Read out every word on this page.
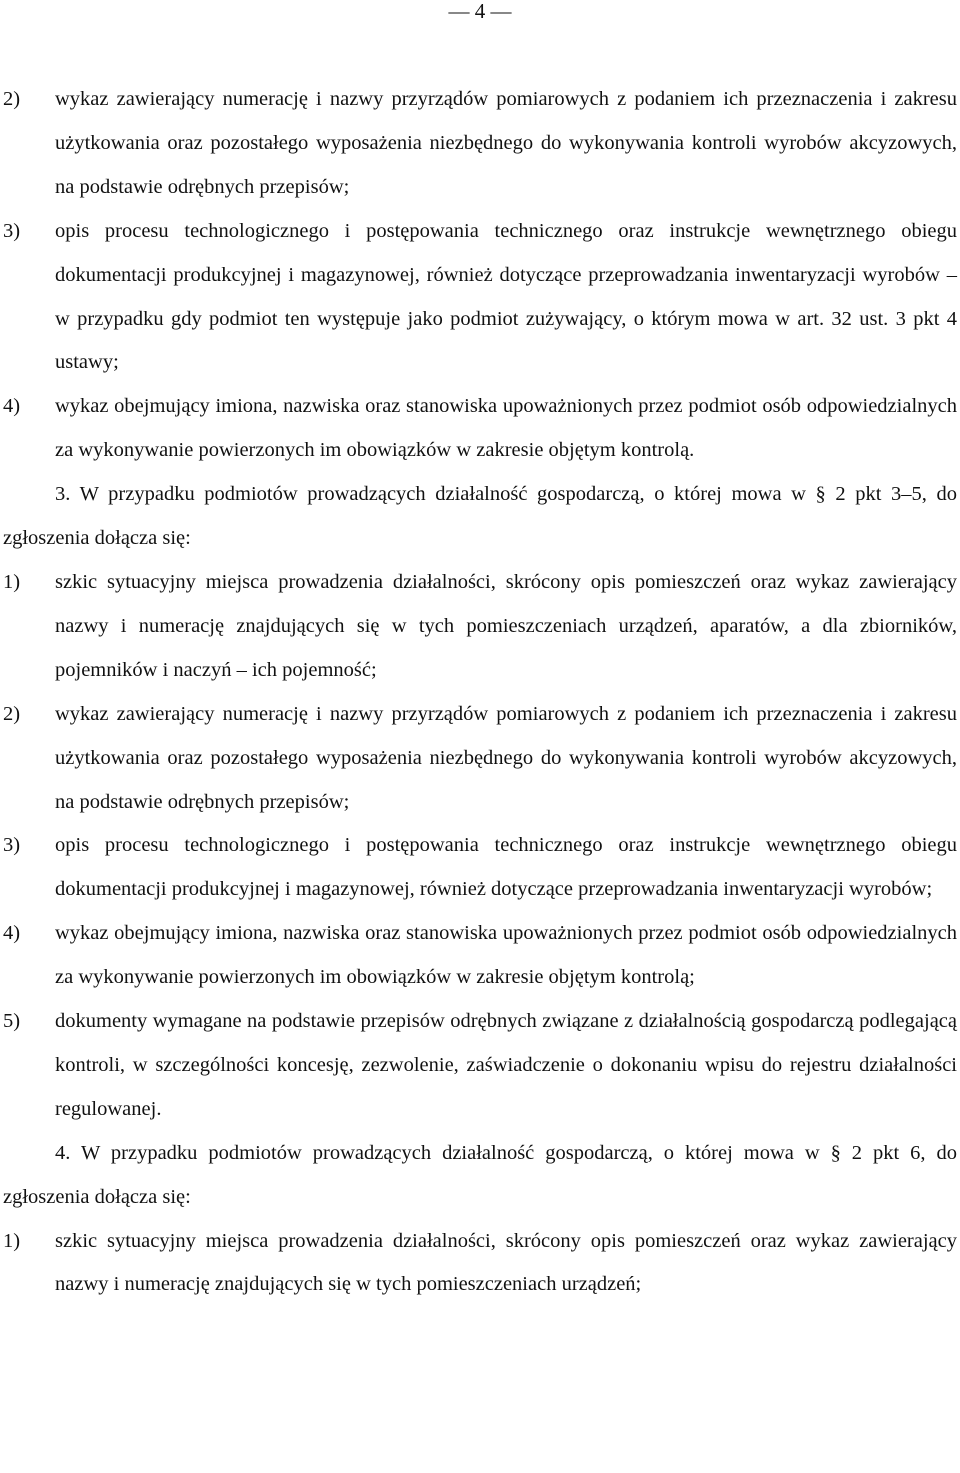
— 4 —
2) wykaz zawierający numerację i nazwy przyrządów pomiarowych z podaniem ich przeznaczenia i zakresu użytkowania oraz pozostałego wyposażenia niezbędnego do wykonywania kontroli wyrobów akcyzowych, na podstawie odrębnych przepisów;
3) opis procesu technologicznego i postępowania technicznego oraz instrukcje wewnętrznego obiegu dokumentacji produkcyjnej i magazynowej, również dotyczące przeprowadzania inwentaryzacji wyrobów – w przypadku gdy podmiot ten występuje jako podmiot zużywający, o którym mowa w art. 32 ust. 3 pkt 4 ustawy;
4) wykaz obejmujący imiona, nazwiska oraz stanowiska upoważnionych przez podmiot osób odpowiedzialnych za wykonywanie powierzonych im obowiązków w zakresie objętym kontrolą.
3. W przypadku podmiotów prowadzących działalność gospodarczą, o której mowa w § 2 pkt 3–5, do zgłoszenia dołącza się:
1) szkic sytuacyjny miejsca prowadzenia działalności, skrócony opis pomieszczeń oraz wykaz zawierający nazwy i numerację znajdujących się w tych pomieszczeniach urządzeń, aparatów, a dla zbiorników, pojemników i naczyń – ich pojemność;
2) wykaz zawierający numerację i nazwy przyrządów pomiarowych z podaniem ich przeznaczenia i zakresu użytkowania oraz pozostałego wyposażenia niezbędnego do wykonywania kontroli wyrobów akcyzowych, na podstawie odrębnych przepisów;
3) opis procesu technologicznego i postępowania technicznego oraz instrukcje wewnętrznego obiegu dokumentacji produkcyjnej i magazynowej, również dotyczące przeprowadzania inwentaryzacji wyrobów;
4) wykaz obejmujący imiona, nazwiska oraz stanowiska upoważnionych przez podmiot osób odpowiedzialnych za wykonywanie powierzonych im obowiązków w zakresie objętym kontrolą;
5) dokumenty wymagane na podstawie przepisów odrębnych związane z działalnością gospodarczą podlegającą kontroli, w szczególności koncesję, zezwolenie, zaświadczenie o dokonaniu wpisu do rejestru działalności regulowanej.
4. W przypadku podmiotów prowadzących działalność gospodarczą, o której mowa w § 2 pkt 6, do zgłoszenia dołącza się:
1) szkic sytuacyjny miejsca prowadzenia działalności, skrócony opis pomieszczeń oraz wykaz zawierający nazwy i numerację znajdujących się w tych pomieszczeniach urządzeń;
